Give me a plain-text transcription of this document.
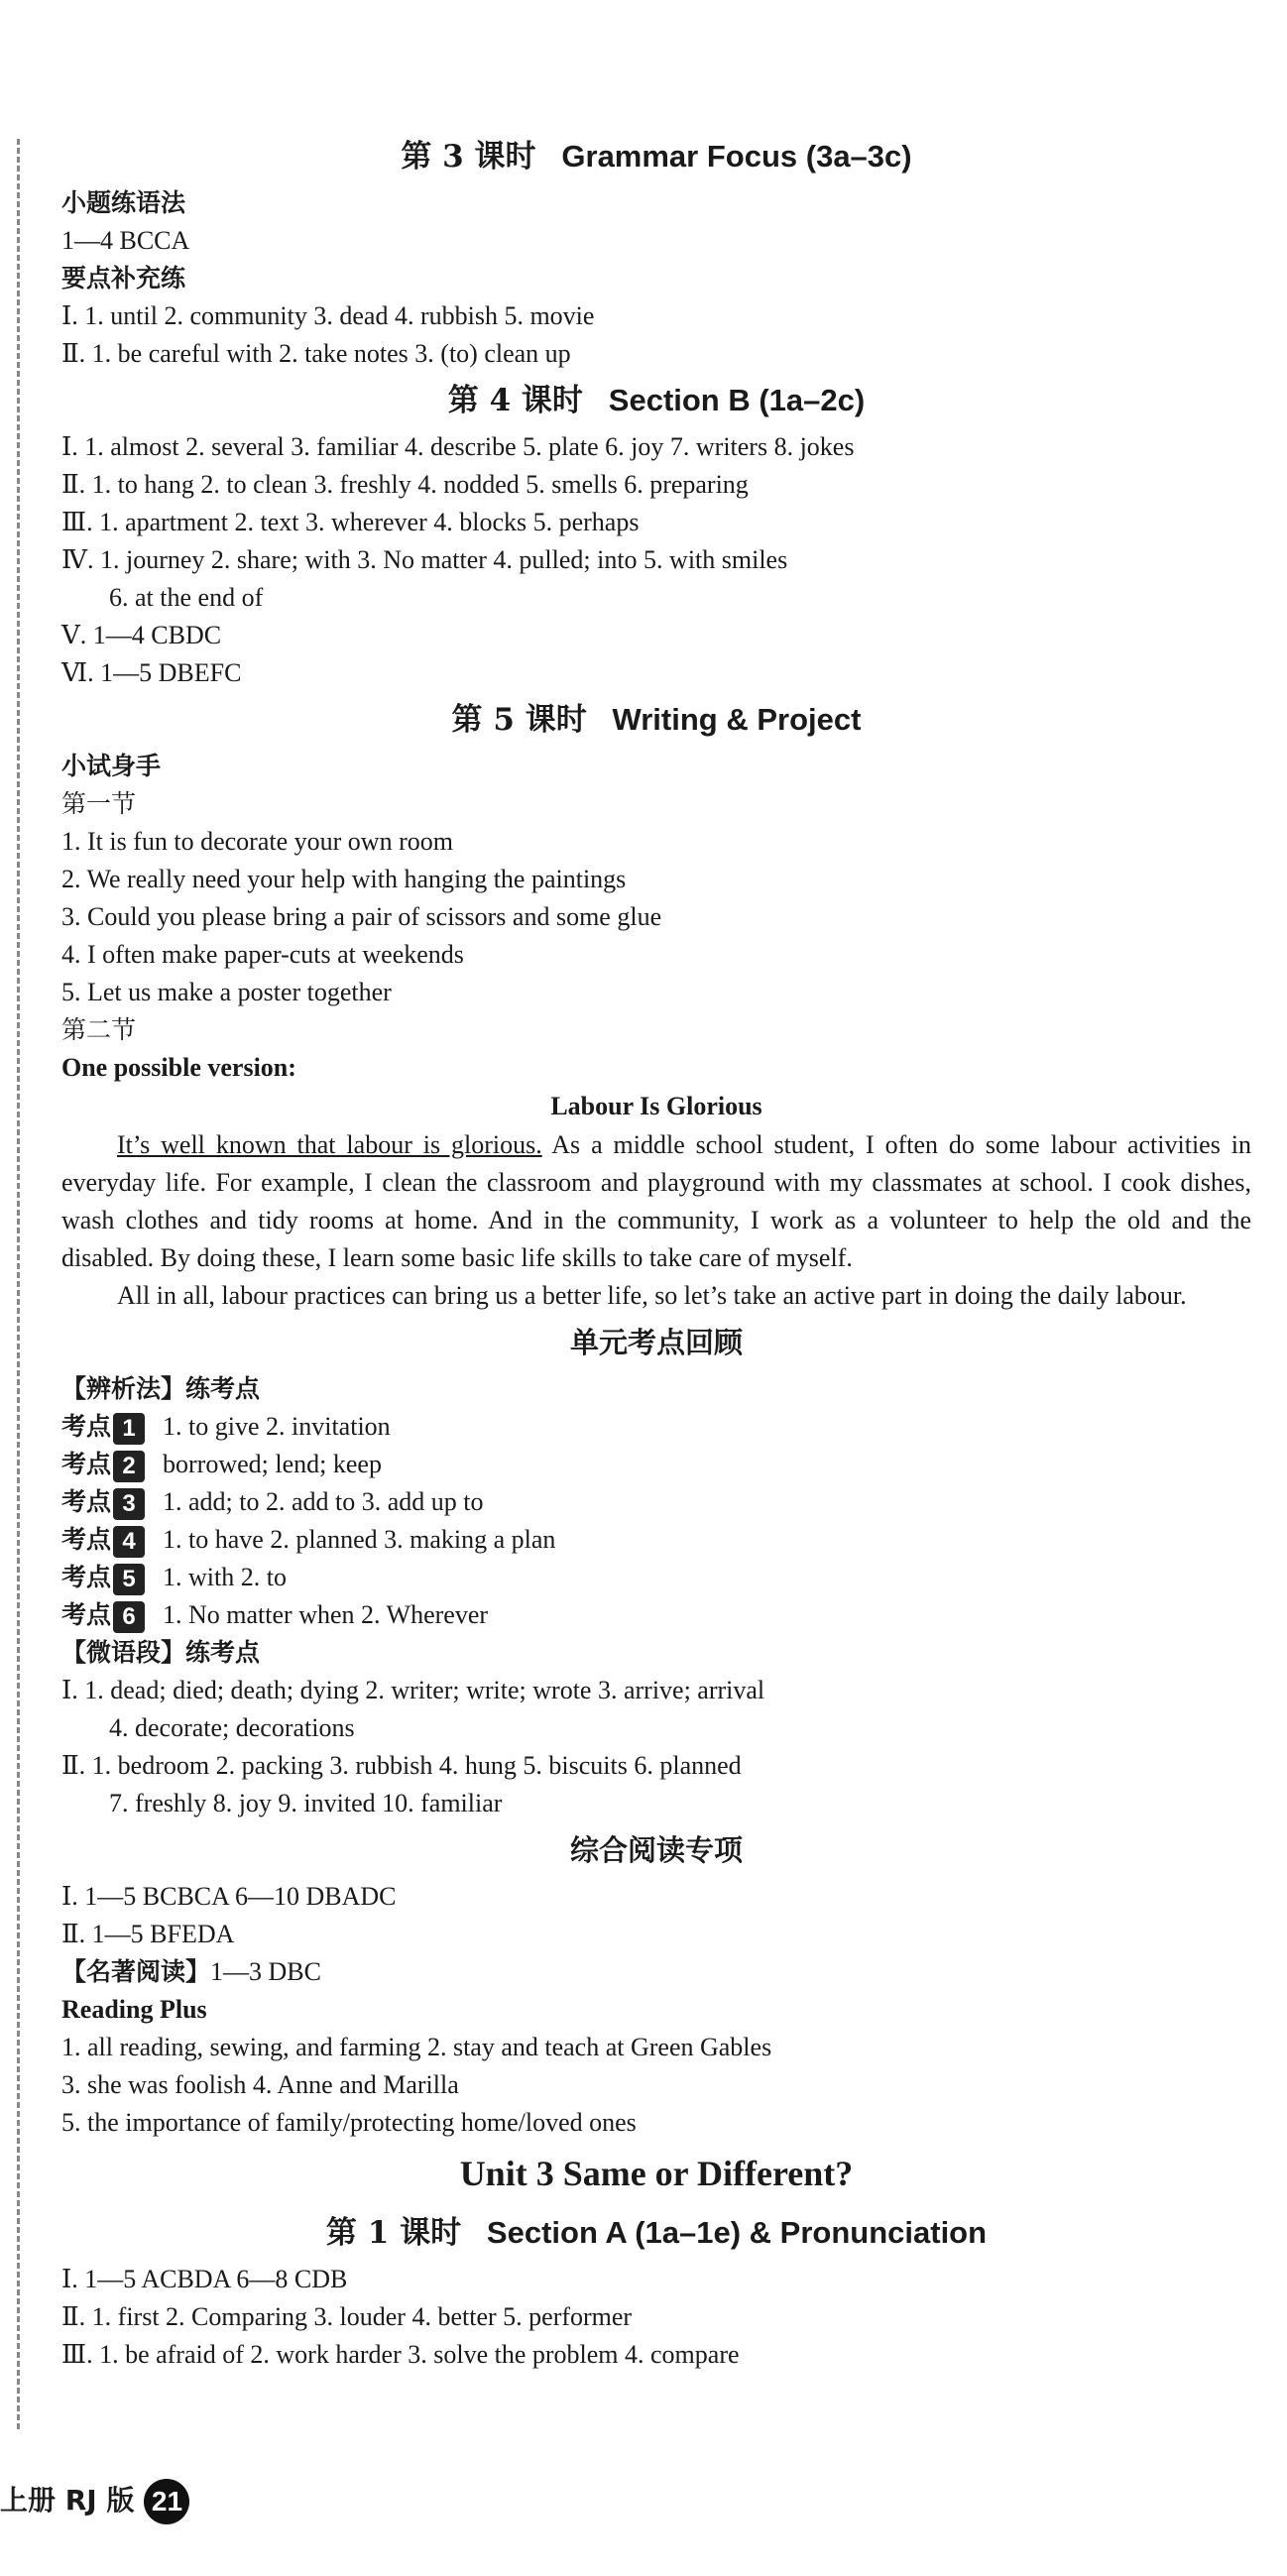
第 3 课时 Grammar Focus (3a–3c)
小题练语法
1—4 BCCA
要点补充练
Ⅰ. 1. until 2. community 3. dead 4. rubbish 5. movie
Ⅱ. 1. be careful with 2. take notes 3. (to) clean up
第 4 课时 Section B (1a–2c)
Ⅰ. 1. almost 2. several 3. familiar 4. describe 5. plate 6. joy 7. writers 8. jokes
Ⅱ. 1. to hang 2. to clean 3. freshly 4. nodded 5. smells 6. preparing
Ⅲ. 1. apartment 2. text 3. wherever 4. blocks 5. perhaps
Ⅳ. 1. journey 2. share; with 3. No matter 4. pulled; into 5. with smiles
6. at the end of
Ⅴ. 1—4 CBDC
Ⅵ. 1—5 DBEFC
第 5 课时 Writing & Project
小试身手
第一节
1. It is fun to decorate your own room
2. We really need your help with hanging the paintings
3. Could you please bring a pair of scissors and some glue
4. I often make paper-cuts at weekends
5. Let us make a poster together
第二节
One possible version:
Labour Is Glorious
It’s well known that labour is glorious. As a middle school student, I often do some labour activities in everyday life. For example, I clean the classroom and playground with my classmates at school. I cook dishes, wash clothes and tidy rooms at home. And in the community, I work as a volunteer to help the old and the disabled. By doing these, I learn some basic life skills to take care of myself.
All in all, labour practices can bring us a better life, so let’s take an active part in doing the daily labour.
单元考点回顾
【辨析法】练考点
考点 1 1. to give 2. invitation
考点 2 borrowed; lend; keep
考点 3 1. add; to 2. add to 3. add up to
考点 4 1. to have 2. planned 3. making a plan
考点 5 1. with 2. to
考点 6 1. No matter when 2. Wherever
【微语段】练考点
Ⅰ. 1. dead; died; death; dying 2. writer; write; wrote 3. arrive; arrival
4. decorate; decorations
Ⅱ. 1. bedroom 2. packing 3. rubbish 4. hung 5. biscuits 6. planned
7. freshly 8. joy 9. invited 10. familiar
综合阅读专项
Ⅰ. 1—5 BCBCA 6—10 DBADC
Ⅱ. 1—5 BFEDA
【名著阅读】1—3 DBC
Reading Plus
1. all reading, sewing, and farming 2. stay and teach at Green Gables
3. she was foolish 4. Anne and Marilla
5. the importance of family/protecting home/loved ones
Unit 3 Same or Different?
第 1 课时 Section A (1a–1e) & Pronunciation
Ⅰ. 1—5 ACBDA 6—8 CDB
Ⅱ. 1. first 2. Comparing 3. louder 4. better 5. performer
Ⅲ. 1. be afraid of 2. work harder 3. solve the problem 4. compare
上册 RJ 版 21
